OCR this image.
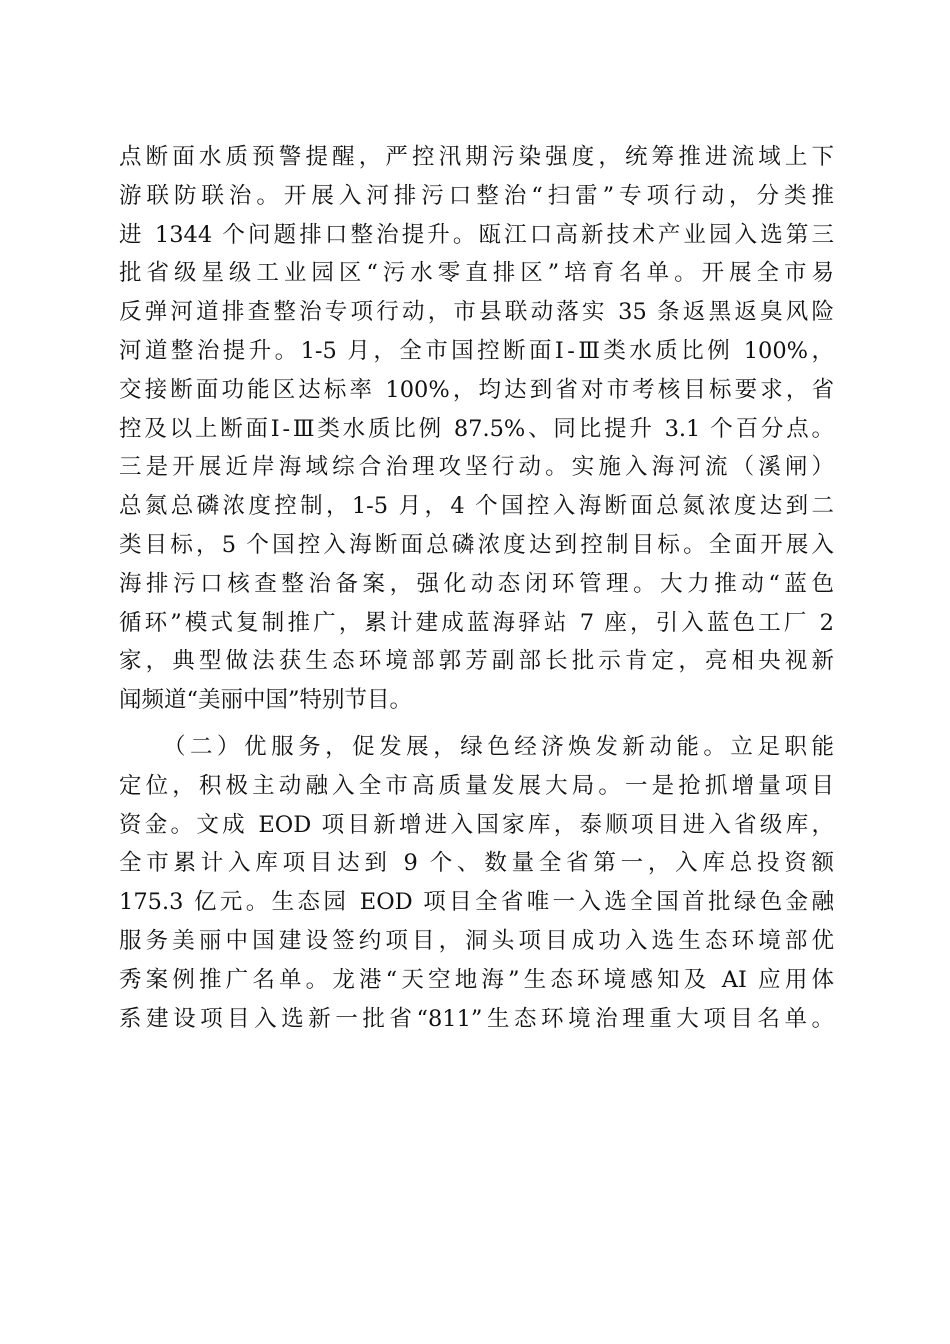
点断面水质预警提醒，严控汛期污染强度，统筹推进流域上下
游联防联治。开展入河排污口整治“扫雷”专项行动，分类推
进 1344 个问题排口整治提升。瓯江口高新技术产业园入选第三
批省级星级工业园区“污水零直排区”培育名单。开展全市易
反弹河道排查整治专项行动，市县联动落实 35 条返黑返臭风险
河道整治提升。1-5 月，全市国控断面Ⅰ-Ⅲ类水质比例 100%，
交接断面功能区达标率 100%，均达到省对市考核目标要求，省
控及以上断面Ⅰ-Ⅲ类水质比例 87.5%、同比提升 3.1 个百分点。
三是开展近岸海域综合治理攻坚行动。实施入海河流（溪闸）
总氮总磷浓度控制，1-5 月，4 个国控入海断面总氮浓度达到二
类目标，5 个国控入海断面总磷浓度达到控制目标。全面开展入
海排污口核查整治备案，强化动态闭环管理。大力推动“蓝色
循环”模式复制推广，累计建成蓝海驿站 7 座，引入蓝色工厂 2
家，典型做法获生态环境部郭芳副部长批示肯定，亮相央视新
闻频道“美丽中国”特别节目。
（二）优服务，促发展，绿色经济焕发新动能。立足职能
定位，积极主动融入全市高质量发展大局。一是抢抓增量项目
资金。文成 EOD 项目新增进入国家库，泰顺项目进入省级库，
全市累计入库项目达到 9 个、数量全省第一，入库总投资额
175.3 亿元。生态园 EOD 项目全省唯一入选全国首批绿色金融
服务美丽中国建设签约项目，洞头项目成功入选生态环境部优
秀案例推广名单。龙港“天空地海”生态环境感知及 AI 应用体
系建设项目入选新一批省“811”生态环境治理重大项目名单。
